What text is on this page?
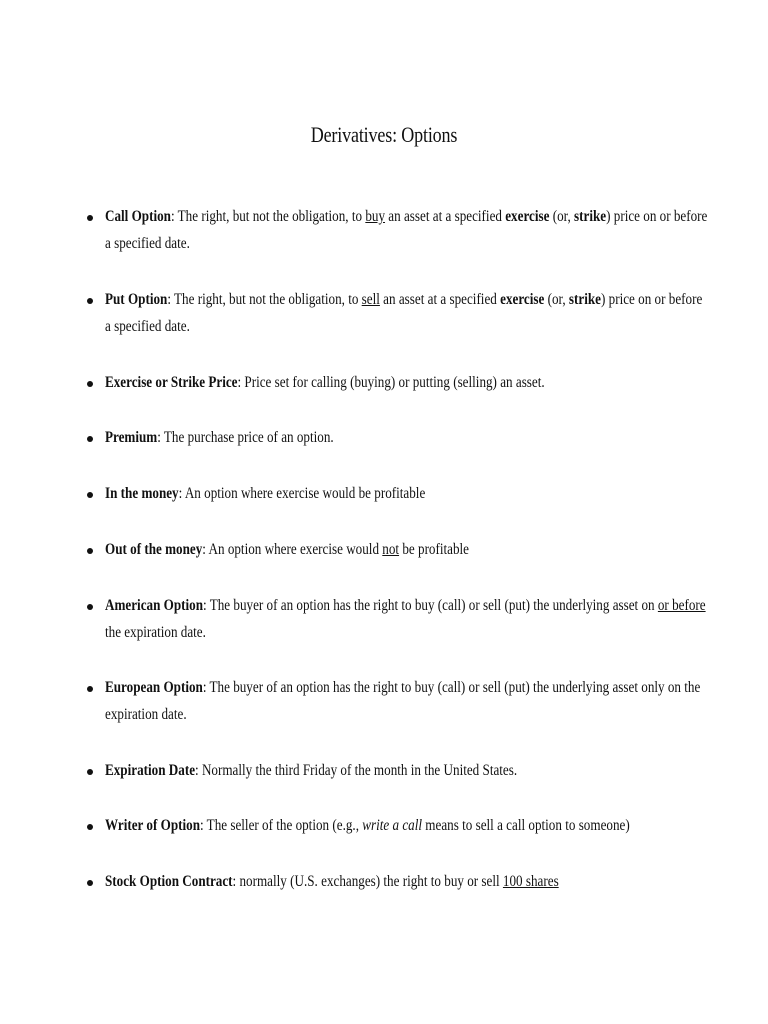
Derivatives: Options
Call Option: The right, but not the obligation, to buy an asset at a specified exercise (or, strike) price on or before a specified date.
Put Option: The right, but not the obligation, to sell an asset at a specified exercise (or, strike) price on or before a specified date.
Exercise or Strike Price: Price set for calling (buying) or putting (selling) an asset.
Premium: The purchase price of an option.
In the money: An option where exercise would be profitable
Out of the money: An option where exercise would not be profitable
American Option: The buyer of an option has the right to buy (call) or sell (put) the underlying asset on or before the expiration date.
European Option: The buyer of an option has the right to buy (call) or sell (put) the underlying asset only on the expiration date.
Expiration Date: Normally the third Friday of the month in the United States.
Writer of Option: The seller of the option (e.g., write a call means to sell a call option to someone)
Stock Option Contract: normally (U.S. exchanges) the right to buy or sell 100 shares
